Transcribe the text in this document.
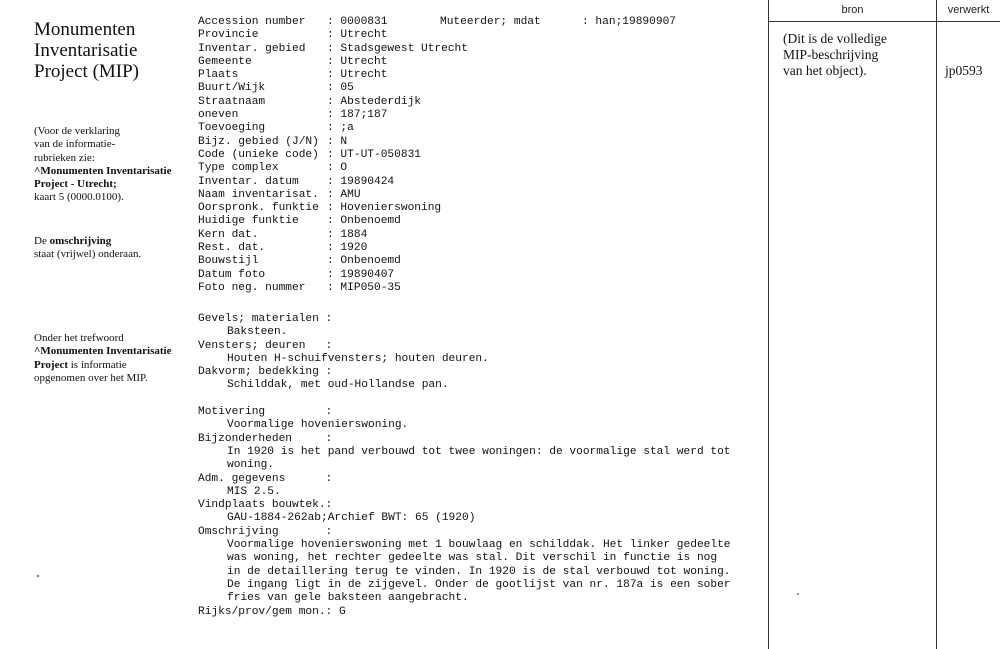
Monumenten
Inventarisatie
Project (MIP)
(Voor de verklaring
van de informatie-
rubrieken zie:
^Monumenten Inventarisatie
Project - Utrecht;
kaart 5 (0000.0100).
De omschrijving
staat (vrijwel) onderaan.
Onder het trefwoord
^Monumenten Inventarisatie
Project is informatie
opgenomen over het MIP.
Accession number : 0000831	Muteerder; mdat	: han;19890907
Provincie	: Utrecht
Inventar. gebied : Stadsgewest Utrecht
Gemeente	: Utrecht
Plaats	: Utrecht
Buurt/Wijk	: 05
Straatnaam	: Abstederdijk
oneven	: 187;187
Toevoeging	: ;a
Bijz. gebied (J/N) : N
Code (unieke code) : UT-UT-050831
Type complex	: O
Inventar. datum	: 19890424
Naam inventarisat. : AMU
Oorspronk. funktie : Hovenierswoning
Huidige funktie	: Onbenoemd
Kern dat.	: 1884
Rest. dat.	: 1920
Bouwstijl	: Onbenoemd
Datum foto	: 19890407
Foto neg. nummer : MIP050-35
Gevels; materialen :
Baksteen.
Vensters; deuren   :
Houten H-schuifvensters; houten deuren.
Dakvorm; bedekking :
Schilddak, met oud-Hollandse pan.
Motivering         :
Voormalige hovenierswoning.
Bijzonderheden     :
In 1920 is het pand verbouwd tot twee woningen: de voormalige stal werd tot
woning.
Adm. gegevens      :
MIS 2.5.
Vindplaats bouwtek.:
GAU-1884-262ab;Archief BWT: 65 (1920)
Omschrijving       :
Voormalige hovenierswoning met 1 bouwlaag en schilddak. Het linker gedeelte
was woning, het rechter gedeelte was stal. Dit verschil in functie is nog
in de detaillering terug te vinden. In 1920 is de stal verbouwd tot woning.
De ingang ligt in de zijgevel. Onder de gootlijst van nr. 187a is een sober
fries van gele baksteen aangebracht.
Rijks/prov/gem mon.: G
bron	verwerkt
(Dit is de volledige
MIP-beschrijving
van het object).	jp0593
